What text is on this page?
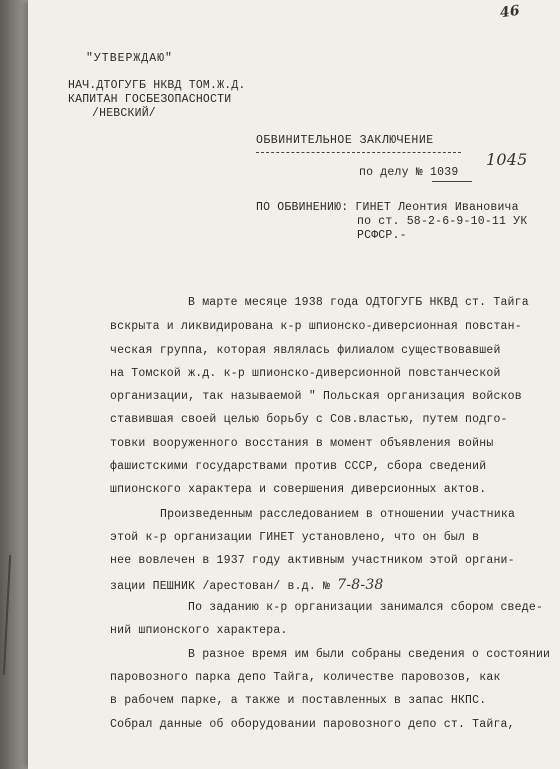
46
"УТВЕРЖДАЮ"
НАЧ.ДТОГУГБ НКВД ТОМ.Ж.Д.
КАПИТАН ГОСБЕЗОПАСНОСТИ
/НЕВСКИЙ/
ОБВИНИТЕЛЬНОЕ ЗАКЛЮЧЕНИЕ
по делу № 1039
1045
ПО ОБВИНЕНИЮ: ГИНЕТ Леонтия Ивановича
по ст. 58-2-6-9-10-11 УК
РСФСР.-
В марте месяце 1938 года ОДТОГУГБ НКВД ст. Тайга
вскрыта и ликвидирована к-р шпионско-диверсионная повстан-
ческая группа, которая являлась филиалом существовавшей
на Томской ж.д. к-р шпионско-диверсионной повстанческой
организации, так называемой " Польская организация войсков
ставившая своей целью борьбу с Сов.властью, путем подго-
товки вооруженного восстания в момент объявления войны
фашистскими государствами против СССР, сбора сведений
шпионского характера и совершения диверсионных актов.
Произведенным расследованием в отношении участника
этой к-р организации ГИНЕТ установлено, что он был в
нее вовлечен в 1937 году активным участником этой органи-
зации ПЕШНИК /арестован/ в.д. № 7-8-38
По заданию к-р организации занимался сбором сведе-
ний шпионского характера.
В разное время им были собраны сведения о состоянии
паровозного парка депо Тайга, количестве паровозов, как
в рабочем парке, а также и поставленных в запас НКПС.
Собрал данные об оборудовании паровозного депо ст. Тайга,
